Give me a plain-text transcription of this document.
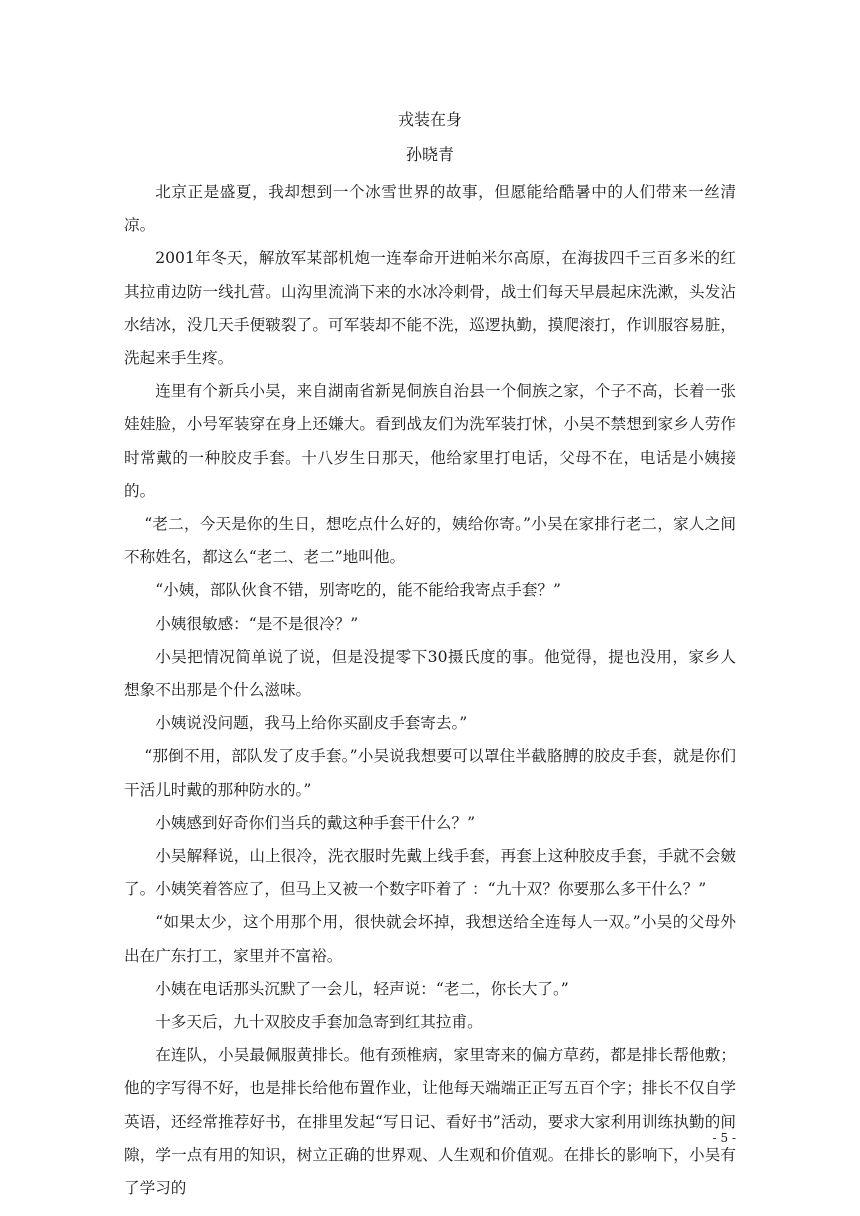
戎装在身
孙晓青

北京正是盛夏，我却想到一个冰雪世界的故事，但愿能给酷暑中的人们带来一丝清凉。

2001年冬天，解放军某部机炮一连奉命开进帕米尔高原，在海拔四千三百多米的红其拉甫边防一线扎营。山沟里流淌下来的水冰冷刺骨，战士们每天早晨起床洗漱，头发沾水结冰，没几天手便皲裂了。可军装却不能不洗，巡逻执勤，摸爬滚打，作训服容易脏，洗起来手生疼。

连里有个新兵小吴，来自湖南省新晃侗族自治县一个侗族之家，个子不高，长着一张娃娃脸，小号军装穿在身上还嫌大。看到战友们为洗军装打怵，小吴不禁想到家乡人劳作时常戴的一种胶皮手套。十八岁生日那天，他给家里打电话，父母不在，电话是小姨接的。

“老二，今天是你的生日，想吃点什么好的，姨给你寄。”小吴在家排行老二，家人之间不称姓名，都这么“老二、老二”地叫他。

“小姨，部队伙食不错，别寄吃的，能不能给我寄点手套？”

小姨很敏感：“是不是很冷？”

小吴把情况简单说了说，但是没提零下30摄氏度的事。他觉得，提也没用，家乡人想象不出那是个什么滋味。

小姨说没问题，我马上给你买副皮手套寄去。”

“那倒不用，部队发了皮手套。”小吴说我想要可以罩住半截胳膊的胶皮手套，就是你们干活儿时戴的那种防水的。”

小姨感到好奇你们当兵的戴这种手套干什么？”

小吴解释说，山上很冷，洗衣服时先戴上线手套，再套上这种胶皮手套，手就不会皴了。小姨笑着答应了，但马上又被一个数字吓着了 ：“九十双？你要那么多干什么？”

“如果太少，这个用那个用，很快就会坏掉，我想送给全连每人一双。”小吴的父母外出在广东打工，家里并不富裕。

小姨在电话那头沉默了一会儿，轻声说：“老二，你长大了。”

十多天后，九十双胶皮手套加急寄到红其拉甫。

在连队，小吴最佩服黄排长。他有颈椎病，家里寄来的偏方草药，都是排长帮他敷；他的字写得不好，也是排长给他布置作业，让他每天端端正正写五百个字；排长不仅自学英语，还经常推荐好书，在排里发起“写日记、看好书”活动，要求大家利用训练执勤的间隙，学一点有用的知识，树立正确的世界观、人生观和价值观。在排长的影响下，小吴有了学习的

- 5 -
